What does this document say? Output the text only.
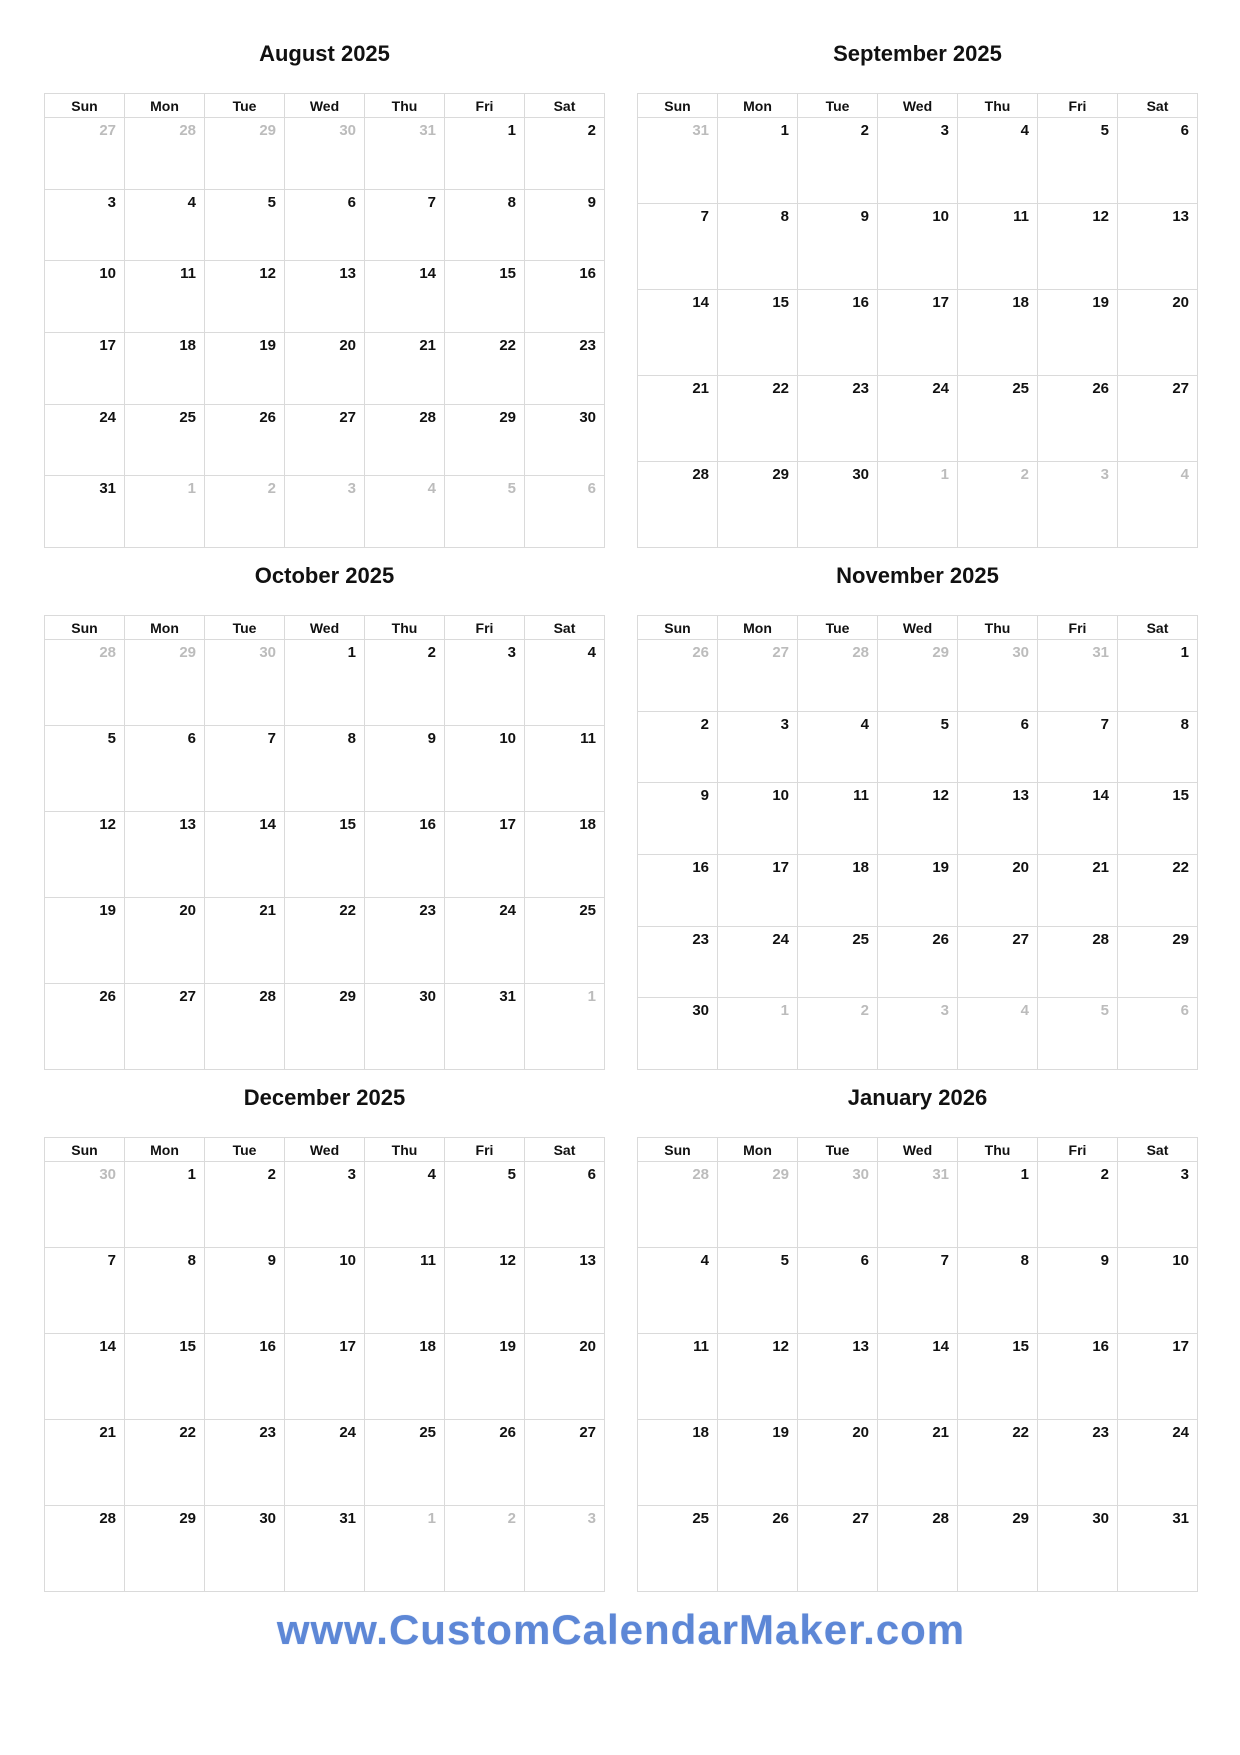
August 2025
Sun	Mon	Tue	Wed	Thu	Fri	Sat
27	28	29	30	31	1	2
3	4	5	6	7	8	9
10	11	12	13	14	15	16
17	18	19	20	21	22	23
24	25	26	27	28	29	30
31	1	2	3	4	5	6
September 2025
Sun	Mon	Tue	Wed	Thu	Fri	Sat
31	1	2	3	4	5	6
7	8	9	10	11	12	13
14	15	16	17	18	19	20
21	22	23	24	25	26	27
28	29	30	1	2	3	4
October 2025
Sun	Mon	Tue	Wed	Thu	Fri	Sat
28	29	30	1	2	3	4
5	6	7	8	9	10	11
12	13	14	15	16	17	18
19	20	21	22	23	24	25
26	27	28	29	30	31	1
November 2025
Sun	Mon	Tue	Wed	Thu	Fri	Sat
26	27	28	29	30	31	1
2	3	4	5	6	7	8
9	10	11	12	13	14	15
16	17	18	19	20	21	22
23	24	25	26	27	28	29
30	1	2	3	4	5	6
December 2025
Sun	Mon	Tue	Wed	Thu	Fri	Sat
30	1	2	3	4	5	6
7	8	9	10	11	12	13
14	15	16	17	18	19	20
21	22	23	24	25	26	27
28	29	30	31	1	2	3
January 2026
Sun	Mon	Tue	Wed	Thu	Fri	Sat
28	29	30	31	1	2	3
4	5	6	7	8	9	10
11	12	13	14	15	16	17
18	19	20	21	22	23	24
25	26	27	28	29	30	31
www.CustomCalendarMaker.com
